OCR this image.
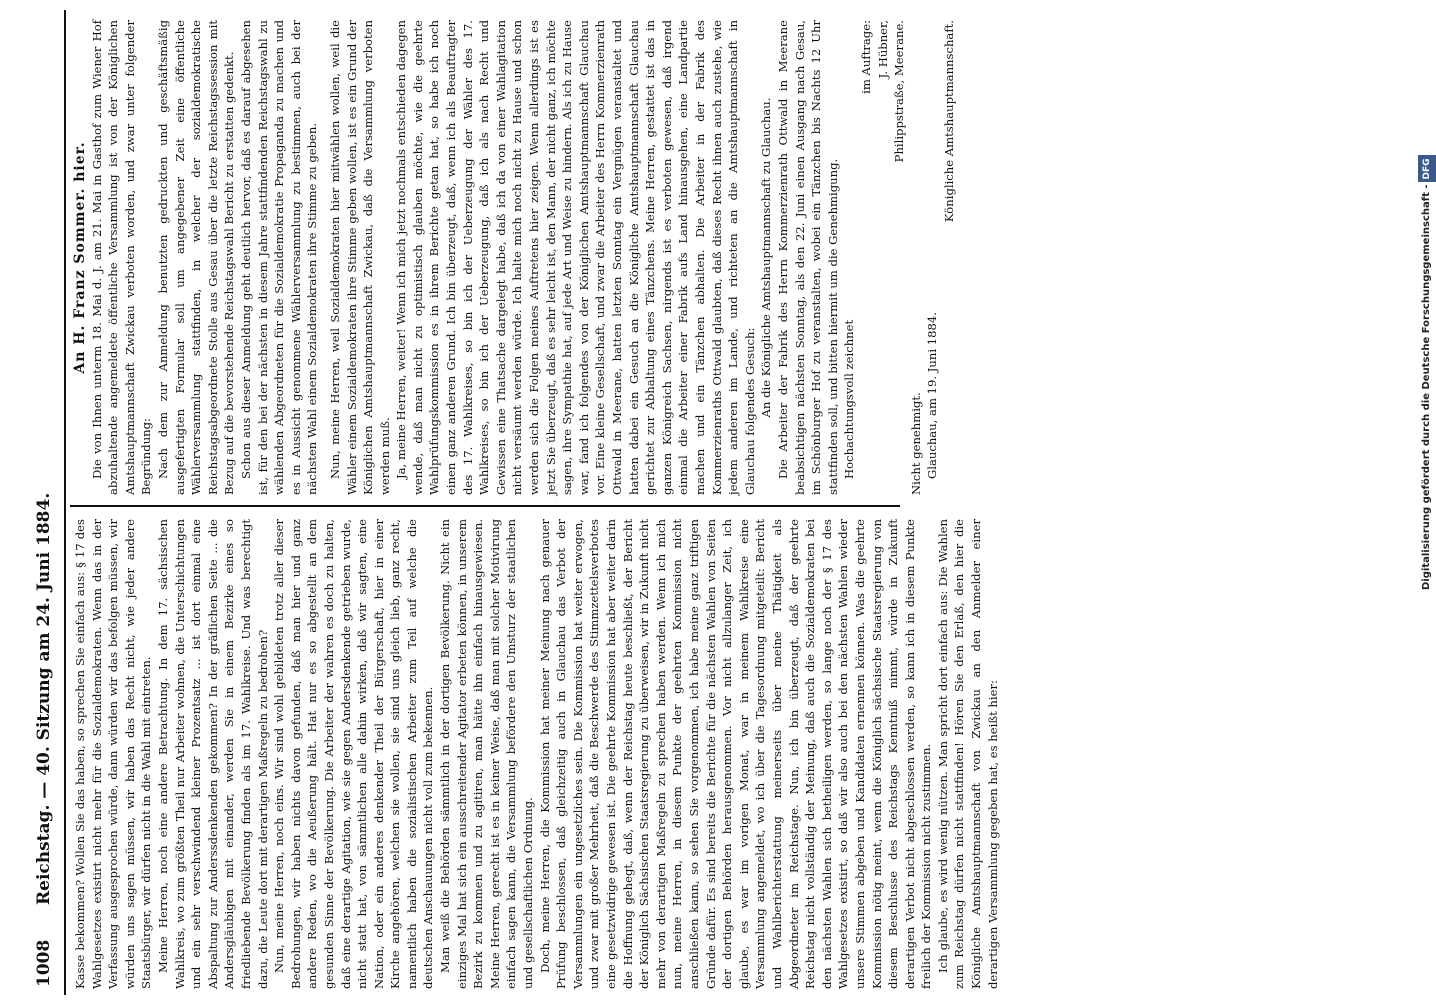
1008
Reichstag. — 40. Sitzung am 24. Juni 1884. Kasse bekommen? Wollen Sie das haben, so sprechen Sie einfach aus: § 17 des Wahlgesetzes existirt nicht mehr für die Sozialdemokraten. Wenn das in der Verfassung ausgesprochen würde, dann würden wir das befolgen müssen, wir würden uns sagen müssen, wir haben das Recht nicht, wie jeder andere Staatsbürger, wir dürfen nicht in die Wahl mit eintreten. Meine Herren, noch eine andere Betrachtung. In dem 17. sächsischen Wahlkreis, wo zum größten Theil nur Arbeiter wohnen, die Unterschichtungen und ein sehr verschwindend kleiner Prozentsatz ... ist dort einmal eine Abspaltung zur Anderssdenkenden gekommen? In der gräflichen Seite ... die Andersgläubigen mit einander, werden Sie in einem Bezirke eines so friedliebende Bevölkerung finden als im 17. Wahlkreise. Und was berechtigt dazu, die Leute dort mit derartigen Maßregeln zu bedrohen? Nun, meine Herren, noch eins. Wir sind wohl gebildeten trotz aller dieser Bedrohungen, wir haben nichts davon gefunden, daß man hier und ganz andere Reden, wo die Aeußerung hält. Hat nur es so abgestellt an dem gesunden Sinne der Bevölkerung. Die Arbeiter der wahren es doch zu halten, daß eine derartige Agitation, wie sie gegen Andersdenkende getrieben wurde, nicht statt hat, von sämmtlichen alle dahin wirken, daß wir sagten, eine Nation, oder ein anderes denkender Theil der Bürgerschaft, hier in einer Kirche angehören, welchen sie wollen, sie sind uns gleich lieb, ganz recht, namentlich haben die sozialistischen Arbeiter zum Teil auf welche die deutschen Anschauungen nicht voll zum bekennen. Man weiß die Behörden sämmtlich in der dortigen Bevölkerung. Nicht ein einziges Mal hat sich ein ausschreitender Agitator erbeten können, in unserem Bezirk zu kommen und zu agitiren, man hätte ihn einfach hinausgewiesen. Meine Herren, gerecht ist es in keiner Weise, daß man mit solcher Motivirung einfach sagen kann, die Versammlung befördere den Umsturz der staatlichen und gesellschaftlichen Ordnung. Doch, meine Herren, die Kommission hat meiner Meinung nach genauer Prüfung beschlossen, daß gleichzeitig auch in Glauchau das Verbot der Versammlungen ein ungesetzliches sein. Die Kommission hat weiter erwogen, und zwar mit großer Mehrheit, daß die Beschwerde des Stimmzettelsverbotes eine gesetzwidrige gewesen ist. Die geehrte Kommission hat aber weiter darin die Hoffnung gehegt, daß, wenn der Reichstag heute beschließt, der Bericht der Königlich Sächsischen Staatsregierung zu überweisen, wir in Zukunft nicht mehr von derartigen Maßregeln zu sprechen haben werden. Wenn ich mich nun, meine Herren, in diesem Punkte der geehrten Kommission nicht anschließen kann, so sehen Sie vorgenommen, ich habe meine ganz triftigen Gründe dafür. Es sind bereits die Berichte für die nächsten Wahlen von Seiten der dortigen Behörden herausgenommen. Vor nicht allzulanger Zeit, ich glaube, es war im vorigen Monat, war in meinem Wahlkreise eine Versammlung angemeldet, wo ich über die Tagesordnung mitgeteilt: Bericht und Wahlberichterstattung meinerseits über meine Thätigkeit als Abgeordneter im Reichstage. Nun, ich bin überzeugt, daß der geehrte Reichstag nicht vollständig der Meinung, daß auch die Sozialdemokraten bei den nächsten Wahlen sich betheiligen werden, so lange noch der § 17 des Wahlgesetzes existirt, so daß wir also auch bei den nächsten Wahlen wieder unsere Stimmen abgeben und Kandidaten ernennen können. Was die geehrte Kommission nötig meint, wenn die Königlich sächsische Staatsregierung von diesem Beschlusse des Reichstags Kenntniß nimmt, würde in Zukunft derartigen Verbot nicht abgeschlossen werden, so kann ich in diesem Punkte freilich der Kommission nicht zustimmen. Ich glaube, es wird wenig nützen. Man spricht dort einfach aus: Die Wahlen zum Reichstag dürfen nicht stattfinden! Hören Sie den Erlaß, den hier die Königliche Amtshauptmannschaft von Zwickau an den Anmelder einer derartigen Versammlung gegeben hat, es heißt hier:

An H. Franz Sommer. hier. Die von Ihnen unterm 18. Mai d. J. am 21. Mai in Gasthof zum Wiener Hof abzuhaltende angemeldete öffentliche Versammlung ist von der Königlichen Amtshauptmannschaft Zwickau verboten worden, und zwar unter folgender Begründung: Nach dem zur Anmeldung benutzten gedruckten und geschäftsmäßig ausgefertigten Formular soll um angegebener Zeit eine öffentliche Wählerversammlung stattfinden, in welcher der sozialdemokratische Reichstagsabgeordnete Stolle aus Gesau über die letzte Reichstagssession mit Bezug auf die bevorstehende Reichstagswahl Bericht zu erstatten gedenkt. Schon aus dieser Anmeldung geht deutlich hervor, daß es darauf abgesehen ist, für den bei der nächsten in diesem Jahre stattfindenden Reichstagswahl zu wählenden Abgeordneten für die Sozialdemokratie Propaganda zu machen und es in Aussicht genommene Wählerversammlung zu bestimmen, auch bei der nächsten Wahl einem Sozialdemokraten ihre Stimme zu geben. Nun, meine Herren, weil Sozialdemokraten hier mitwählen wollen, weil die Wähler einem Sozialdemokraten ihre Stimme geben wollen, ist es ein Grund der Königlichen Amtshauptmannschaft Zwickau, daß die Versammlung verboten werden muß. Ja, meine Herren, weiter! Wenn ich mich jetzt nochmals entschieden dagegen wende, daß man nicht zu optimistisch glauben möchte, wie die geehrte Wahlprüfungskommission es in ihrem Berichte getan hat, so habe ich noch einen ganz anderen Grund. Ich bin überzeugt, daß, wenn ich als Beauftragter des 17. Wahlkreises, so bin ich der Ueberzeugung der Wähler des 17. Wahlkreises, so bin ich der Ueberzeugung, daß ich als nach Recht und Gewissen eine Thatsache dargelegt habe, daß ich da von einer Wahlagitation nicht versäumt werden würde. Ich halte mich noch nicht zu Hause und schon werden sich die Folgen meines Auftretens hier zeigen. Wenn allerdings ist es jetzt Sie überzeugt, daß es sehr leicht ist, den Mann, der nicht ganz, ich möchte sagen, ihre Sympathie hat, auf jede Art und Weise zu hindern. Als ich zu Hause war, fand ich folgendes von der Königlichen Amtshauptmannschaft Glauchau vor. Eine kleine Gesellschaft, und zwar die Arbeiter des Herrn Kommerzienrath Ottwald in Meerane, hatten letzten Sonntag ein Vergnügen veranstaltet und hatten dabei ein Gesuch an die Königliche Amtshauptmannschaft Glauchau gerichtet zur Abhaltung eines Tänzchens. Meine Herren, gestattet ist das in ganzen Königreich Sachsen, nirgends ist es verboten gewesen, daß irgend einmal die Arbeiter einer Fabrik aufs Land hinausgehen, eine Landpartie machen und ein Tänzchen abhalten. Die Arbeiter in der Fabrik des Kommerzienraths Ottwald glaubten, daß dieses Recht ihnen auch zustehe, wie jedem anderen im Lande, und richteten an die Amtshauptmannschaft in Glauchau folgendes Gesuch: An die Königliche Amtshauptmannschaft zu Glauchau. Die Arbeiter der Fabrik des Herrn Kommerzienrath Ottwald in Meerane beabsichtigen nächsten Sonntag, als den 22. Juni einen Ausgang nach Gesau, im Schönburger Hof zu veranstalten, wobei ein Tänzchen bis Nachts 12 Uhr stattfinden soll, und bitten hiermit um die Genehmigung. Hochachtungsvoll zeichnet

im Auftrage: J. Hübner, Philippstraße, Meerane.

Nicht genehmigt. Glauchau, am 19. Juni 1884.

Königliche Amtshauptmannschaft.

Digitalisierung gefördert durch die Deutsche Forschungsgemeinschaft -DFG
